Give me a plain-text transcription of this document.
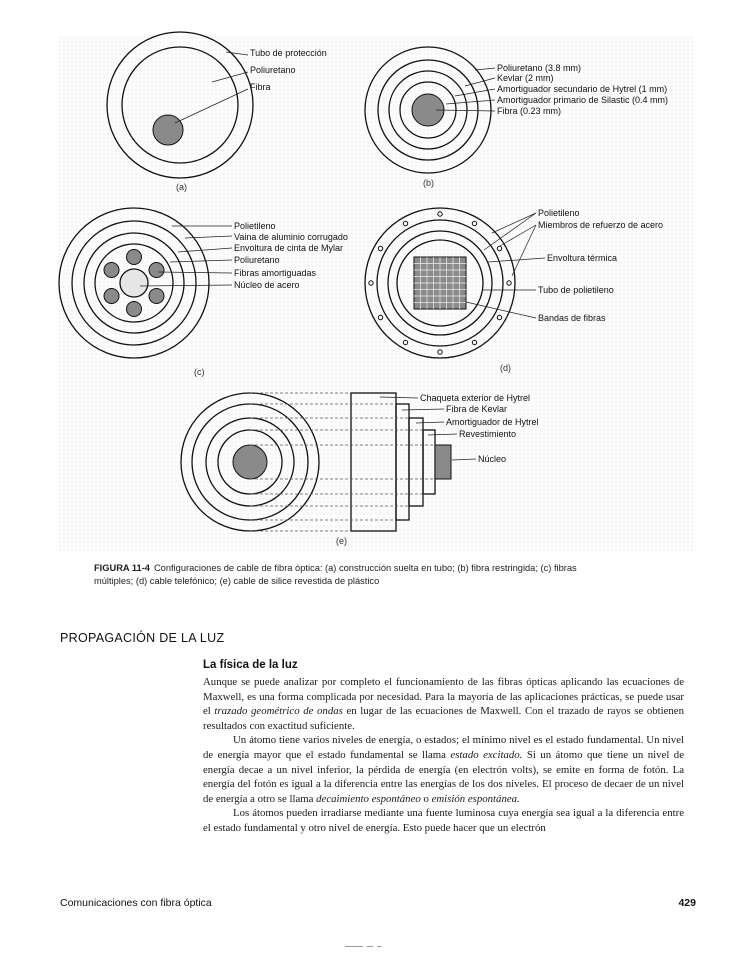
Tubo de protección
Poliuretano
Fibra
(a)
Poliuretano (3.8 mm)
Kevlar (2 mm)
Amortiguador secundario de Hytrel (1 mm)
Amortiguador primario de Silastic (0.4 mm)
Fibra (0.23 mm)
(b)
Polietileno
Vaina de aluminio corrugado
Envoltura de cinta de Mylar
Poliuretano
Fibras amortiguadas
Núcleo de acero
(c)
Polietileno
Miembros de refuerzo de acero
Envoltura térmica
Tubo de polietileno
Bandas de fibras
(d)
Chaqueta exterior de Hytrel
Fibra de Kevlar
Amortiguador de Hytrel
Revestimiento
Núcleo
(e)
FIGURA 11-4 Configuraciones de cable de fibra óptica: (a) construcción suelta en tubo; (b) fibra restringida; (c) fibras múltiples; (d) cable telefónico; (e) cable de silice revestida de plástico
PROPAGACIÓN DE LA LUZ
La física de la luz

Aunque se puede analizar por completo el funcionamiento de las fibras ópticas aplicando las ecuaciones de Maxwell, es una forma complicada por necesidad. Para la mayoría de las aplicaciones prácticas, se puede usar el trazado geométrico de ondas en lugar de las ecuaciones de Maxwell. Con el trazado de rayos se obtienen resultados con exactitud suficiente.

Un átomo tiene varios niveles de energía, o estados; el mínimo nivel es el estado fundamental. Un nivel de energía mayor que el estado fundamental se llama estado excitado. Si un átomo que tiene un nivel de energía decae a un nivel inferior, la pérdida de energía (en electrón volts), se emite en forma de fotón. La energía del fotón es igual a la diferencia entre las energías de los dos niveles. El proceso de decaer de un nivel de energía a otro se llama decaimiento espontáneo o emisión espontánea.

Los átomos pueden irradiarse mediante una fuente luminosa cuya energía sea igual a la diferencia entre el estado fundamental y otro nivel de energía. Esto puede hacer que un electrón

Comunicaciones con fibra óptica	429
